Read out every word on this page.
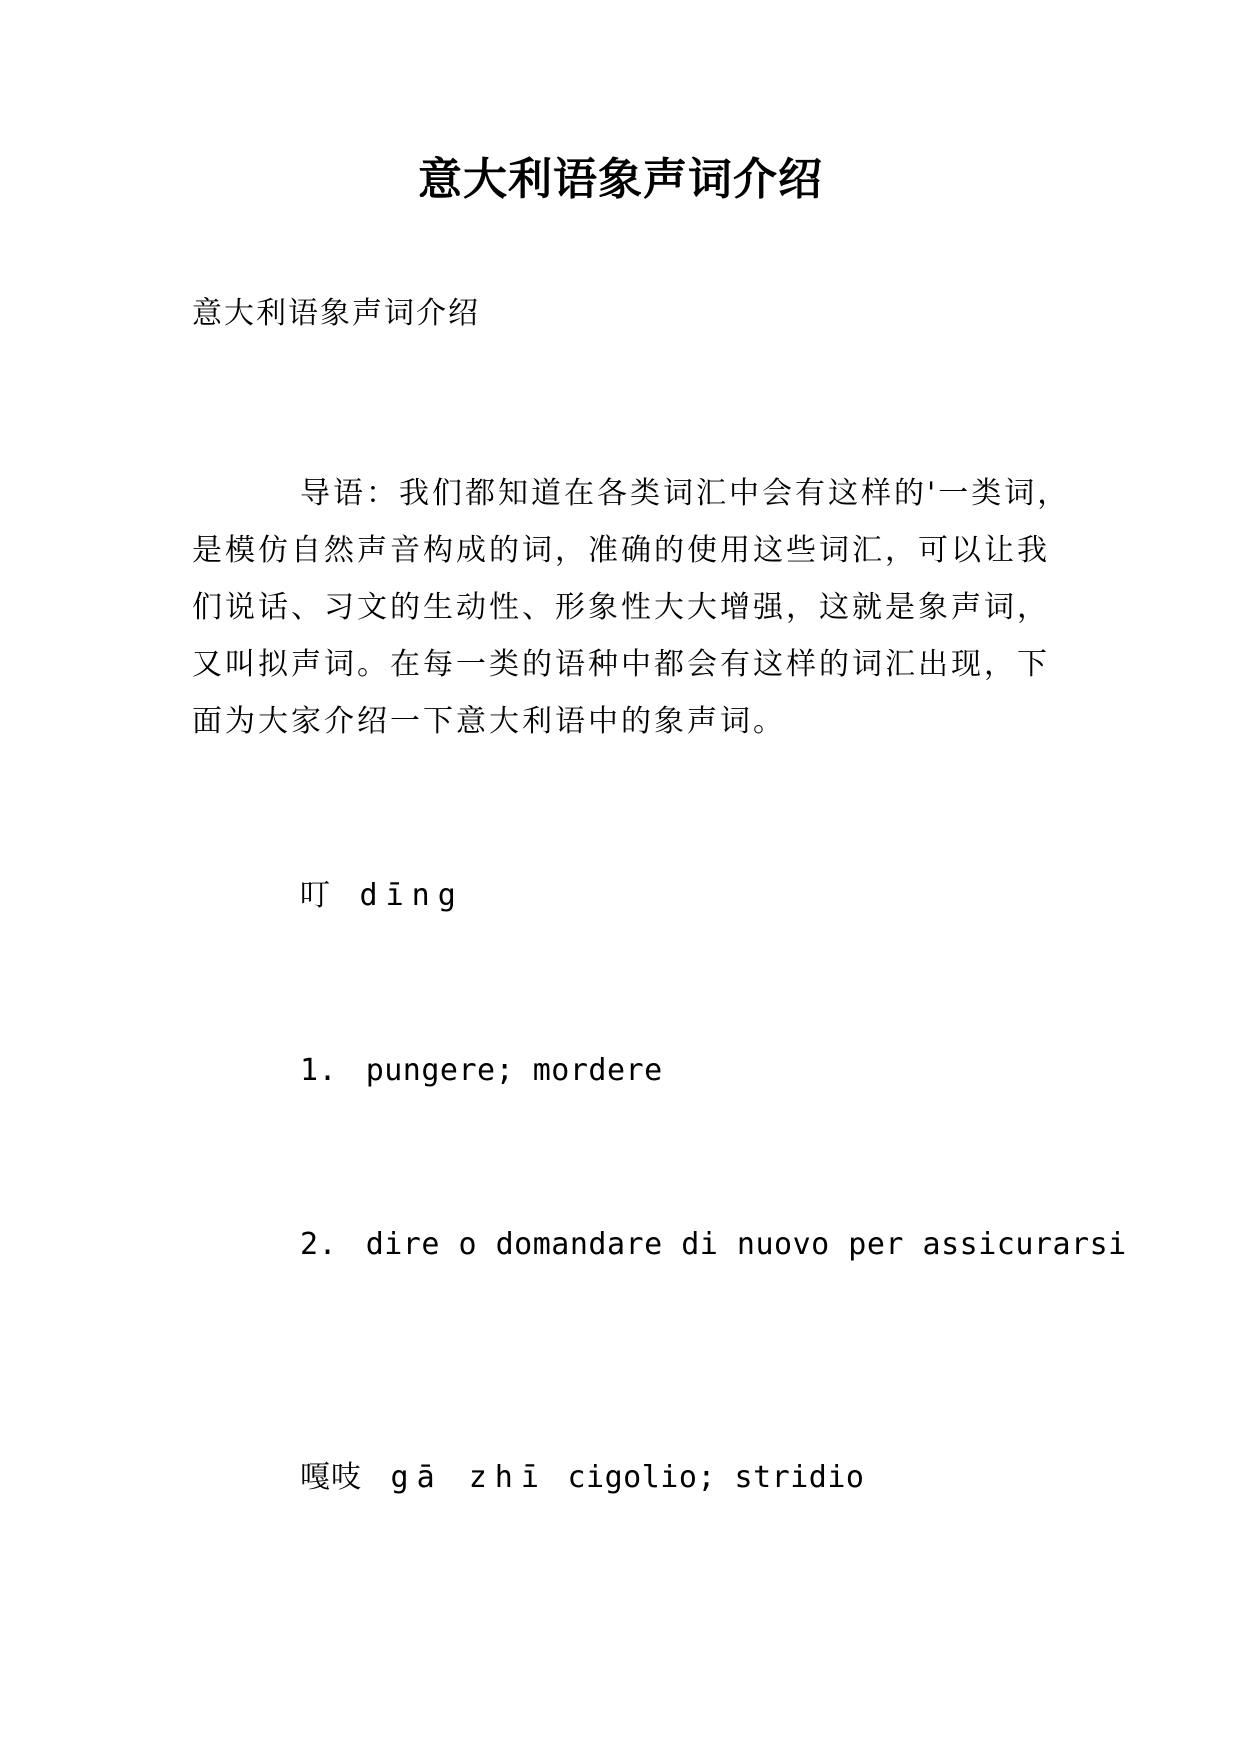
意大利语象声词介绍
意大利语象声词介绍
导语：我们都知道在各类词汇中会有这样的'一类词，是模仿自然声音构成的词，准确的使用这些词汇，可以让我们说话、习文的生动性、形象性大大增强，这就是象声词，又叫拟声词。在每一类的语种中都会有这样的词汇出现，下面为大家介绍一下意大利语中的象声词。
叮 dīng
1. pungere; mordere
2. dire o domandare di nuovo per assicurarsi
嘎吱 gā zhī cigolio; stridio
